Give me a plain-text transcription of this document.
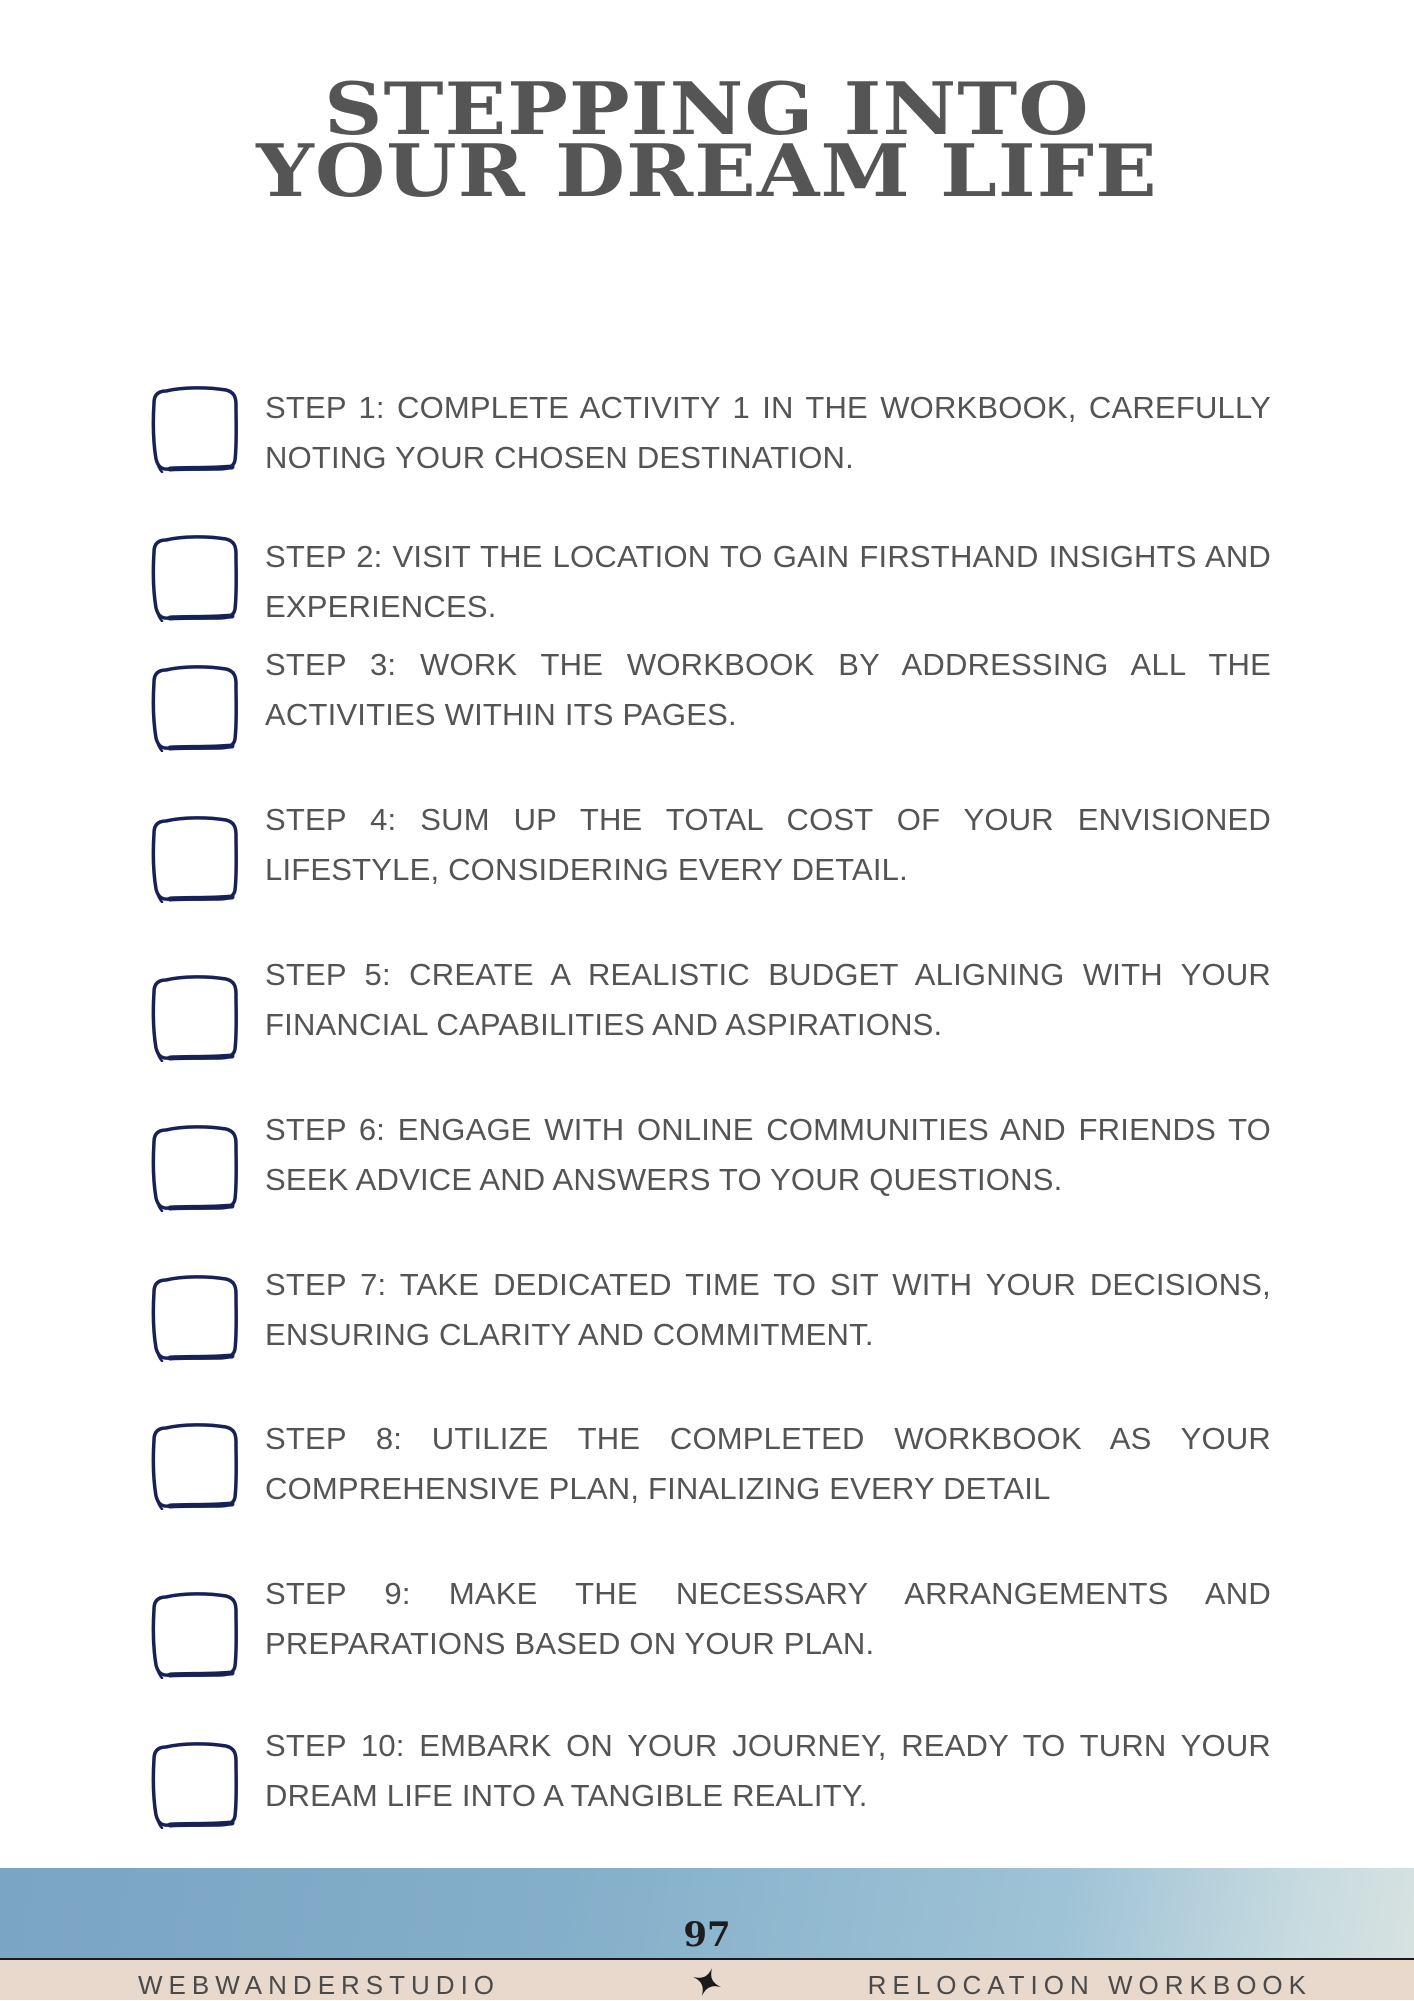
STEPPING INTO
YOUR DREAM LIFE
STEP 1: COMPLETE ACTIVITY 1 IN THE WORKBOOK, CAREFULLY NOTING YOUR CHOSEN DESTINATION.
STEP 2: VISIT THE LOCATION TO GAIN FIRSTHAND INSIGHTS AND EXPERIENCES.
STEP 3: WORK THE WORKBOOK BY ADDRESSING ALL THE ACTIVITIES WITHIN ITS PAGES.
STEP 4: SUM UP THE TOTAL COST OF YOUR ENVISIONED LIFESTYLE, CONSIDERING EVERY DETAIL.
STEP 5: CREATE A REALISTIC BUDGET ALIGNING WITH YOUR FINANCIAL CAPABILITIES AND ASPIRATIONS.
STEP 6: ENGAGE WITH ONLINE COMMUNITIES AND FRIENDS TO SEEK ADVICE AND ANSWERS TO YOUR QUESTIONS.
STEP 7: TAKE DEDICATED TIME TO SIT WITH YOUR DECISIONS, ENSURING CLARITY AND COMMITMENT.
STEP 8: UTILIZE THE COMPLETED WORKBOOK AS YOUR COMPREHENSIVE PLAN, FINALIZING EVERY DETAIL
STEP 9: MAKE THE NECESSARY ARRANGEMENTS AND PREPARATIONS BASED ON YOUR PLAN.
STEP 10: EMBARK ON YOUR JOURNEY, READY TO TURN YOUR DREAM LIFE INTO A TANGIBLE REALITY.
97
WEBWANDERSTUDIO	RELOCATION WORKBOOK
